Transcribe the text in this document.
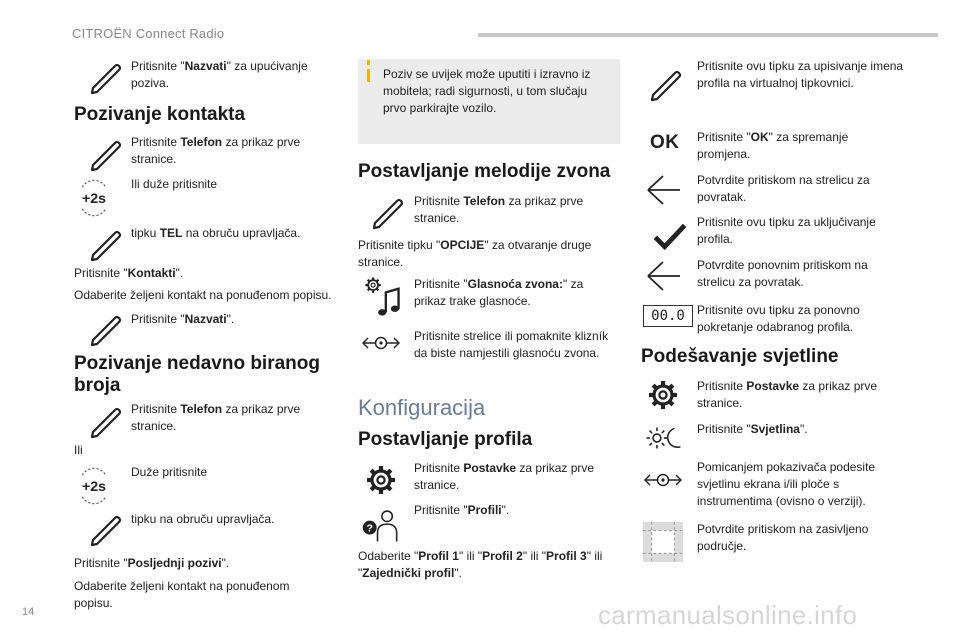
CITROËN Connect Radio
Pritisnite "Nazvati" za upućivanje poziva.
Pozivanje kontakta
Pritisnite Telefon za prikaz prve stranice.
+2s
Ili duže pritisnite
tipku TEL na obruču upravljača.
Pritisnite "Kontakti".
Odaberite željeni kontakt na ponuđenom popisu.
Pritisnite "Nazvati".
Pozivanje nedavno biranog broja
Pritisnite Telefon za prikaz prve stranice.
Ili
+2s
Duže pritisnite
tipku na obruču upravljača.
Pritisnite "Posljednji pozivi".
Odaberite željeni kontakt na ponuđenom popisu.
Poziv se uvijek može uputiti i izravno iz mobitela; radi sigurnosti, u tom slučaju prvo parkirajte vozilo.
Postavljanje melodije zvona
Pritisnite Telefon za prikaz prve stranice.
Pritisnite tipku "OPCIJE" za otvaranje druge stranice.
Pritisnite "Glasnoća zvona:" za prikaz trake glasnoće.
Pritisnite strelice ili pomaknite klizník da biste namjestili glasnoću zvona.
Konfiguracija
Postavljanje profila
Pritisnite Postavke za prikaz prve stranice.
?
Pritisnite "Profili".
Odaberite "Profil 1" ili "Profil 2" ili "Profil 3" ili "Zajednički profil".
Pritisnite ovu tipku za upisivanje imena profila na virtualnoj tipkovnici.
OK Pritisnite "OK" za spremanje promjena.
Potvrdite pritiskom na strelicu za povratak.
Pritisnite ovu tipku za uključivanje profila.
Potvrdite ponovnim pritiskom na strelicu za povratak.
00.0	Pritisnite ovu tipku za ponovno pokretanje odabranog profila.
Podešavanje svjetline
Pritisnite Postavke za prikaz prve stranice.
Pritisnite "Svjetlina".
Pomicanjem pokazivača podesite svjetlinu ekrana i/ili ploče s instrumentima (ovisno o verziji).
Potvrdite pritiskom na zasivljeno područje.
14	carmanualsonline.info
